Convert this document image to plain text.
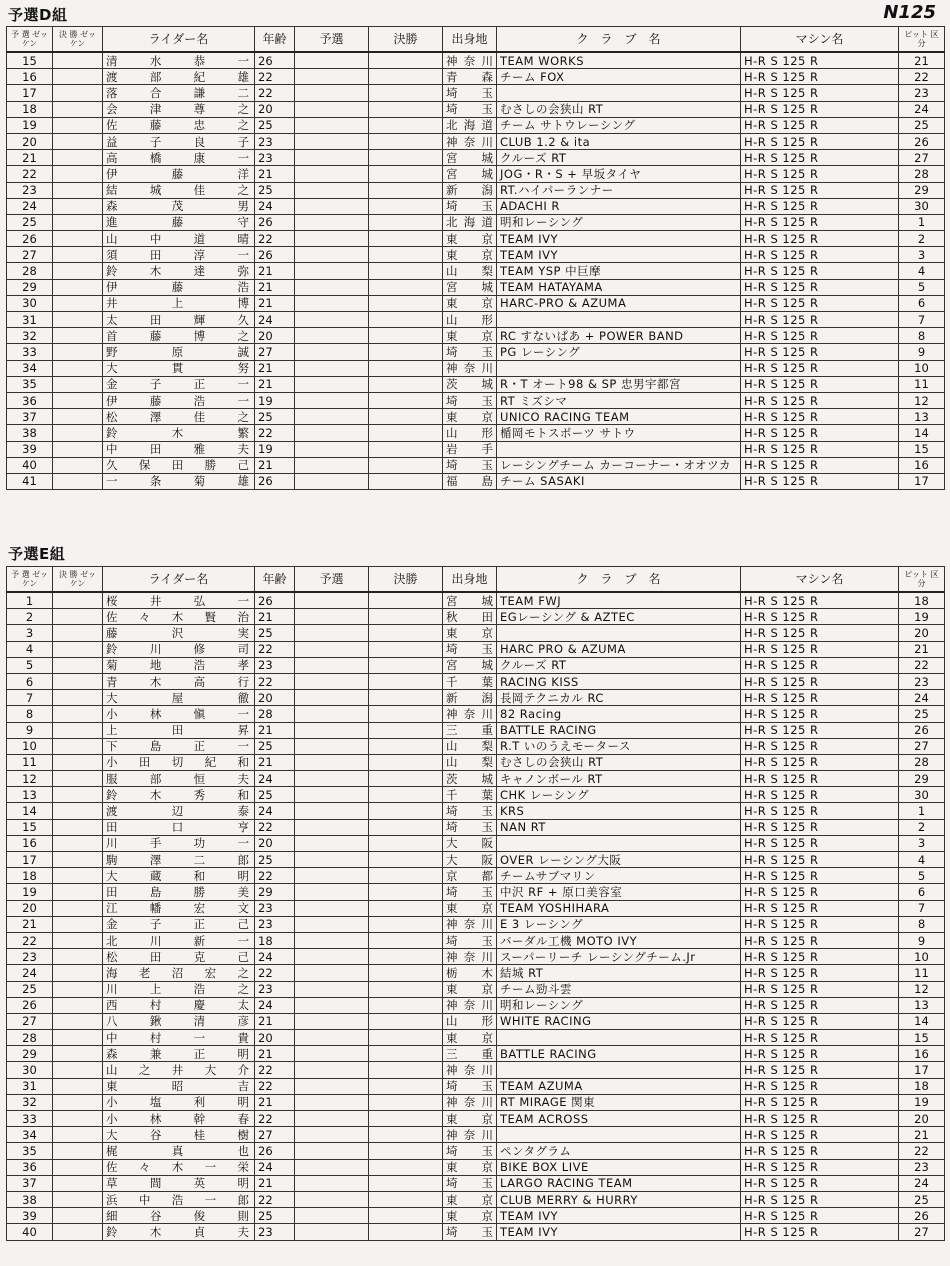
予選D組	N125
予 選 ゼッケン	決 勝 ゼッケン	ライダー名	年齢	予選	決勝	出身地	ク　ラ　ブ　名	マシン名	ピット 区 分
15		清水恭一	26			神奈川	TEAM WORKS	H-R S 125 R	21
16		渡部紀雄	22			青森	チーム FOX	H-R S 125 R	22
17		落合謙二	22			埼玉		H-R S 125 R	23
18		会津尊之	20			埼玉	むさしの会狭山 RT	H-R S 125 R	24
19		佐藤忠之	25			北海道	チーム サトウレーシング	H-R S 125 R	25
20		益子良子	23			神奈川	CLUB 1.2 & ita	H-R S 125 R	26
21		高橋康一	23			宮城	クルーズ RT	H-R S 125 R	27
22		伊藤洋	21			宮城	JOG・R・S + 早坂タイヤ	H-R S 125 R	28
23		結城佳之	25			新潟	RT.ハイパーランナー	H-R S 125 R	29
24		森茂男	24			埼玉	ADACHI R	H-R S 125 R	30
25		進藤守	26			北海道	明和レーシング	H-R S 125 R	1
26		山中道晴	22			東京	TEAM IVY	H-R S 125 R	2
27		須田淳一	26			東京	TEAM IVY	H-R S 125 R	3
28		鈴木達弥	21			山梨	TEAM YSP 中巨摩	H-R S 125 R	4
29		伊藤浩	21			宮城	TEAM HATAYAMA	H-R S 125 R	5
30		井上博	21			東京	HARC-PRO & AZUMA	H-R S 125 R	6
31		太田輝久	24			山形		H-R S 125 R	7
32		首藤博之	20			東京	RC すないぱあ + POWER BAND	H-R S 125 R	8
33		野原誠	27			埼玉	PG レーシング	H-R S 125 R	9
34		大貫努	21			神奈川		H-R S 125 R	10
35		金子正一	21			茨城	R・T オート98 & SP 忠男宇都宮	H-R S 125 R	11
36		伊藤浩一	19			埼玉	RT ミズシマ	H-R S 125 R	12
37		松澤佳之	25			東京	UNICO RACING TEAM	H-R S 125 R	13
38		鈴木繁	22			山形	楯岡モトスポーツ サトウ	H-R S 125 R	14
39		中田雅夫	19			岩手		H-R S 125 R	15
40		久保田勝己	21			埼玉	レーシングチーム カーコーナー・オオツカ	H-R S 125 R	16
41		一条菊雄	26			福島	チーム SASAKI	H-R S 125 R	17
予選E組
予 選 ゼッケン	決 勝 ゼッケン	ライダー名	年齢	予選	決勝	出身地	ク　ラ　ブ　名	マシン名	ピット 区 分
1		桜井弘一	26			宮城	TEAM FWJ	H-R S 125 R	18
2		佐々木賢治	21			秋田	EGレーシング & AZTEC	H-R S 125 R	19
3		藤沢実	25			東京		H-R S 125 R	20
4		鈴川修司	22			埼玉	HARC PRO & AZUMA	H-R S 125 R	21
5		菊地浩孝	23			宮城	クルーズ RT	H-R S 125 R	22
6		青木高行	22			千葉	RACING KISS	H-R S 125 R	23
7		大屋徹	20			新潟	長岡テクニカル RC	H-R S 125 R	24
8		小林愼一	28			神奈川	82 Racing	H-R S 125 R	25
9		上田昇	21			三重	BATTLE RACING	H-R S 125 R	26
10		下島正一	25			山梨	R.T いのうえモータース	H-R S 125 R	27
11		小田切紀和	21			山梨	むさしの会狭山 RT	H-R S 125 R	28
12		服部恒夫	24			茨城	キャノンボール RT	H-R S 125 R	29
13		鈴木秀和	25			千葉	CHK レーシング	H-R S 125 R	30
14		渡辺泰	24			埼玉	KRS	H-R S 125 R	1
15		田口亨	22			埼玉	NAN RT	H-R S 125 R	2
16		川手功一	20			大阪		H-R S 125 R	3
17		駒澤二郎	25			大阪	OVER レーシング大阪	H-R S 125 R	4
18		大蔵和明	22			京都	チームサブマリン	H-R S 125 R	5
19		田島勝美	29			埼玉	中沢 RF + 原口美容室	H-R S 125 R	6
20		江幡宏文	23			東京	TEAM YOSHIHARA	H-R S 125 R	7
21		金子正己	23			神奈川	E 3 レーシング	H-R S 125 R	8
22		北川新一	18			埼玉	バーダル工機 MOTO IVY	H-R S 125 R	9
23		松田克己	24			神奈川	スーパーリーチ レーシングチーム.Jr	H-R S 125 R	10
24		海老沼宏之	22			栃木	結城 RT	H-R S 125 R	11
25		川上浩之	23			東京	チーム勁斗雲	H-R S 125 R	12
26		西村慶太	24			神奈川	明和レーシング	H-R S 125 R	13
27		八鍬清彦	21			山形	WHITE RACING	H-R S 125 R	14
28		中村一貴	20			東京		H-R S 125 R	15
29		森兼正明	21			三重	BATTLE RACING	H-R S 125 R	16
30		山之井大介	22			神奈川		H-R S 125 R	17
31		東昭吉	22			埼玉	TEAM AZUMA	H-R S 125 R	18
32		小塩利明	21			神奈川	RT MIRAGE 関東	H-R S 125 R	19
33		小林幹春	22			東京	TEAM ACROSS	H-R S 125 R	20
34		大谷桂樹	27			神奈川		H-R S 125 R	21
35		梶真也	26			埼玉	ペンタグラム	H-R S 125 R	22
36		佐々木一栄	24			東京	BIKE BOX LIVE	H-R S 125 R	23
37		草間英明	21			埼玉	LARGO RACING TEAM	H-R S 125 R	24
38		浜中浩一郎	22			東京	CLUB MERRY & HURRY	H-R S 125 R	25
39		細谷俊則	25			東京	TEAM IVY	H-R S 125 R	26
40		鈴木貞夫	23			埼玉	TEAM IVY	H-R S 125 R	27
